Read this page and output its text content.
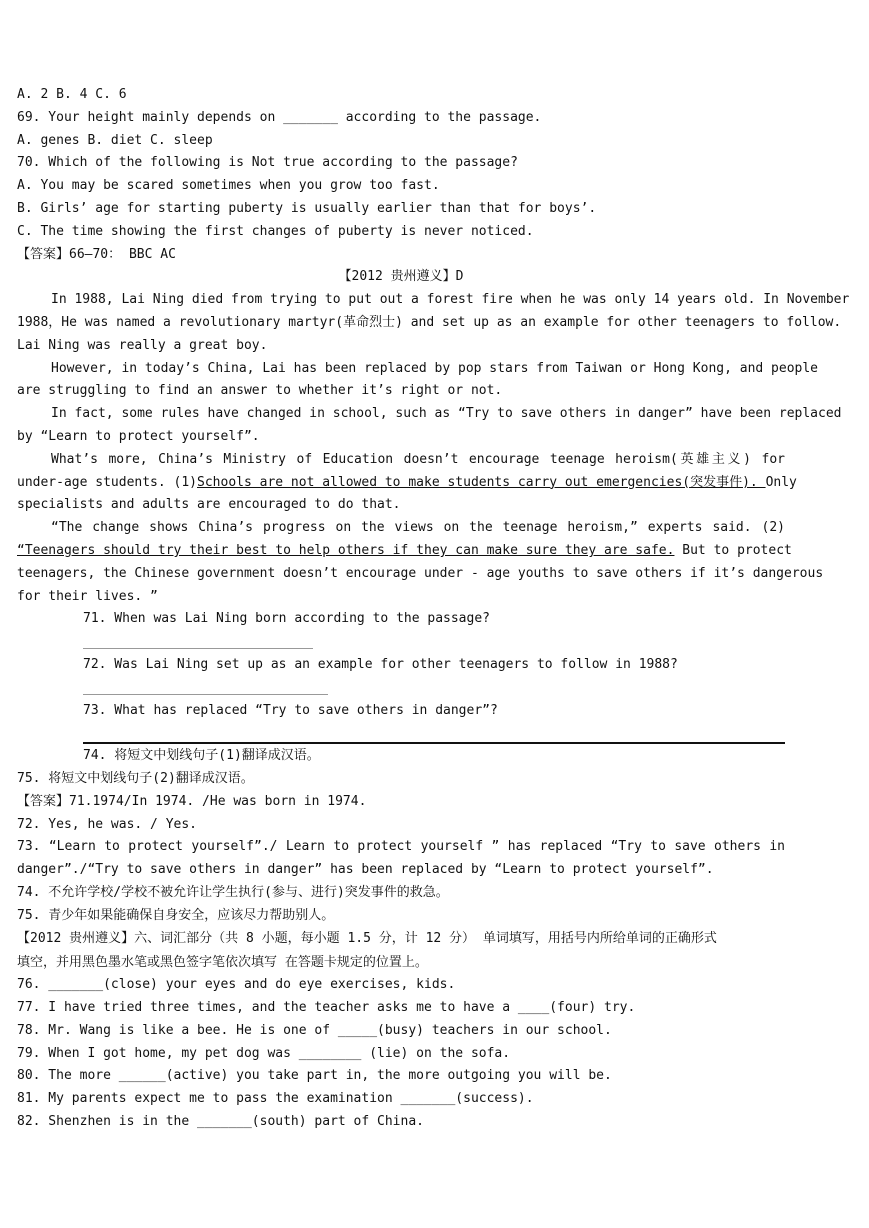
A. 2 B. 4 C. 6
69. Your height mainly depends on _______ according to the passage.
A. genes B. diet C. sleep
70. Which of the following is Not true according to the passage?
A. You may be scared sometimes when you grow too fast.
B. Girls’ age for starting puberty is usually earlier than that for boys’.
C. The time showing the first changes of puberty is never noticed.
【答案】66—70： BBC AC
【2012 贵州遵义】D
In 1988, Lai Ning died from trying to put out a forest fire when he was only 14 years old. In November
1988，He was named a revolutionary martyr(革命烈士) and set up as an example for other teenagers to follow.
Lai Ning was really a great boy.
However, in today’s China, Lai has been replaced by pop stars from Taiwan or Hong Kong, and people
are struggling to find an answer to whether it’s right or not.
In fact, some rules have changed in school, such as “Try to save others in danger” have been replaced
by “Learn to protect yourself”.
What’s more, China’s Ministry of Education doesn’t encourage teenage heroism(英雄主义) for
under-age students. (1)Schools are not allowed to make students carry out emergencies(突发事件). Only
specialists and adults are encouraged to do that.
“The change shows China’s progress on the views on the teenage heroism,” experts said. (2)
“Teenagers should try their best to help others if they can make sure they are safe. But to protect
teenagers, the Chinese government doesn’t encourage under - age youths to save others if it’s dangerous
for their lives. ”
71. When was Lai Ning born according to the passage?
72. Was Lai Ning set up as an example for other teenagers to follow in 1988?
73. What has replaced “Try to save others in danger”?
74. 将短文中划线句子(1)翻译成汉语。
75. 将短文中划线句子(2)翻译成汉语。
【答案】71.1974/In 1974. /He was born in 1974.
72. Yes, he was. / Yes.
73. “Learn to protect yourself”./ Learn to protect yourself ” has replaced “Try to save others in
danger”./“Try to save others in danger” has been replaced by “Learn to protect yourself”.
74. 不允许学校/学校不被允许让学生执行(参与、进行)突发事件的救急。
75. 青少年如果能确保自身安全，应该尽力帮助别人。
【2012 贵州遵义】六、词汇部分（共 8 小题，每小题 1.5 分，计 12 分） 单词填写，用括号内所给单词的正确形式
填空，并用黑色墨水笔或黑色签字笔依次填写 在答题卡规定的位置上。
76. _______(close) your eyes and do eye exercises, kids.
77. I have tried three times, and the teacher asks me to have a ____(four) try.
78. Mr. Wang is like a bee. He is one of _____(busy) teachers in our school.
79. When I got home, my pet dog was ________ (lie) on the sofa.
80. The more ______(active) you take part in, the more outgoing you will be.
81. My parents expect me to pass the examination _______(success).
82. Shenzhen is in the _______(south) part of China.
